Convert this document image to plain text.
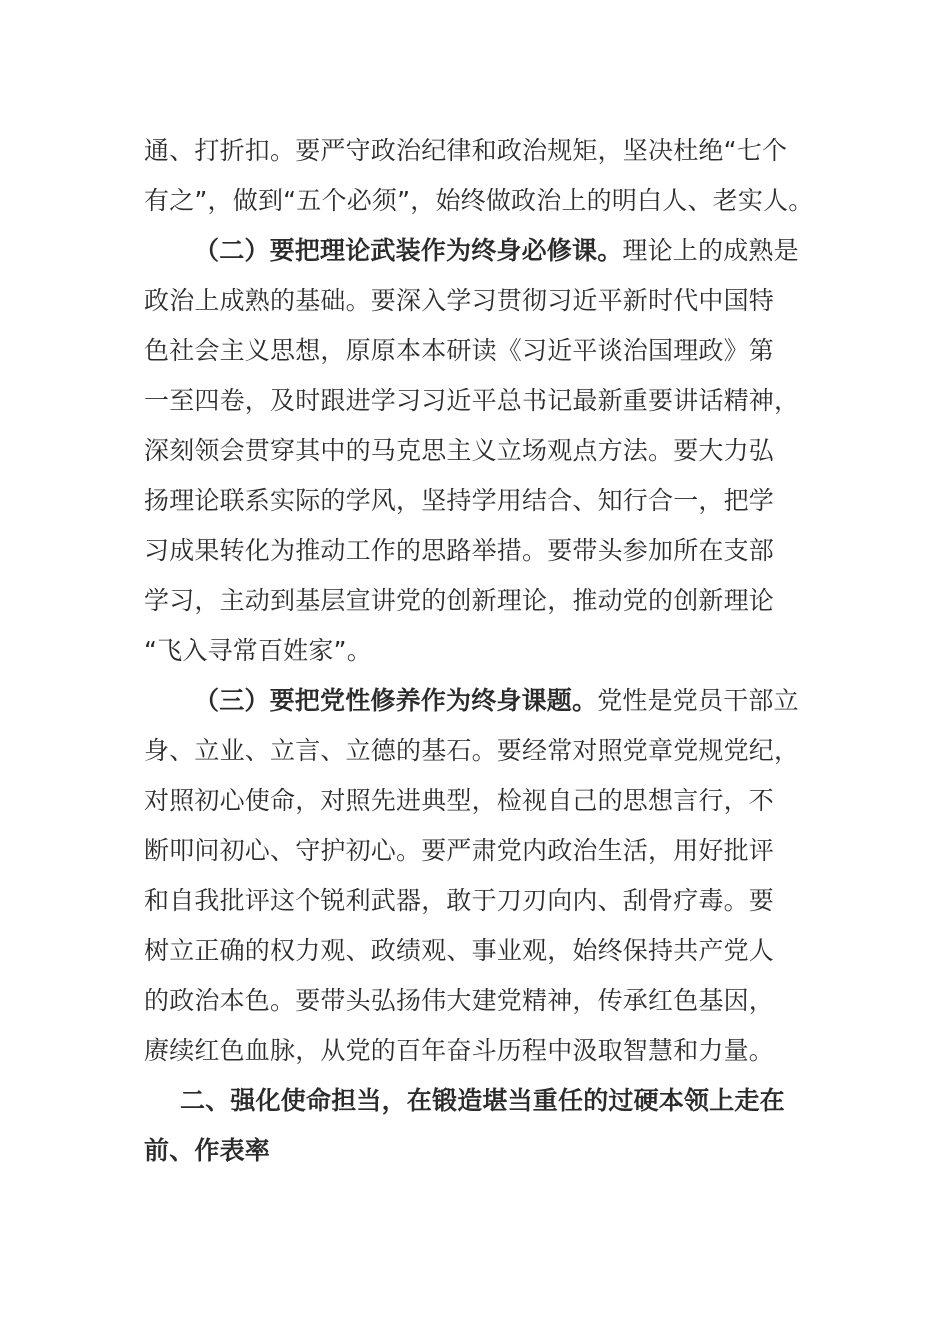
通、打折扣。要严守政治纪律和政治规矩，坚决杜绝“七个
有之”，做到“五个必须”，始终做政治上的明白人、老实人。
（二）要把理论武装作为终身必修课。理论上的成熟是
政治上成熟的基础。要深入学习贯彻习近平新时代中国特
色社会主义思想，原原本本研读《习近平谈治国理政》第
一至四卷，及时跟进学习习近平总书记最新重要讲话精神，
深刻领会贯穿其中的马克思主义立场观点方法。要大力弘
扬理论联系实际的学风，坚持学用结合、知行合一，把学
习成果转化为推动工作的思路举措。要带头参加所在支部
学习，主动到基层宣讲党的创新理论，推动党的创新理论
“飞入寻常百姓家”。
（三）要把党性修养作为终身课题。党性是党员干部立
身、立业、立言、立德的基石。要经常对照党章党规党纪，
对照初心使命，对照先进典型，检视自己的思想言行，不
断叩问初心、守护初心。要严肃党内政治生活，用好批评
和自我批评这个锐利武器，敢于刀刃向内、刮骨疗毒。要
树立正确的权力观、政绩观、事业观，始终保持共产党人
的政治本色。要带头弘扬伟大建党精神，传承红色基因，
赓续红色血脉，从党的百年奋斗历程中汲取智慧和力量。
二、强化使命担当，在锻造堪当重任的过硬本领上走在
前、作表率
